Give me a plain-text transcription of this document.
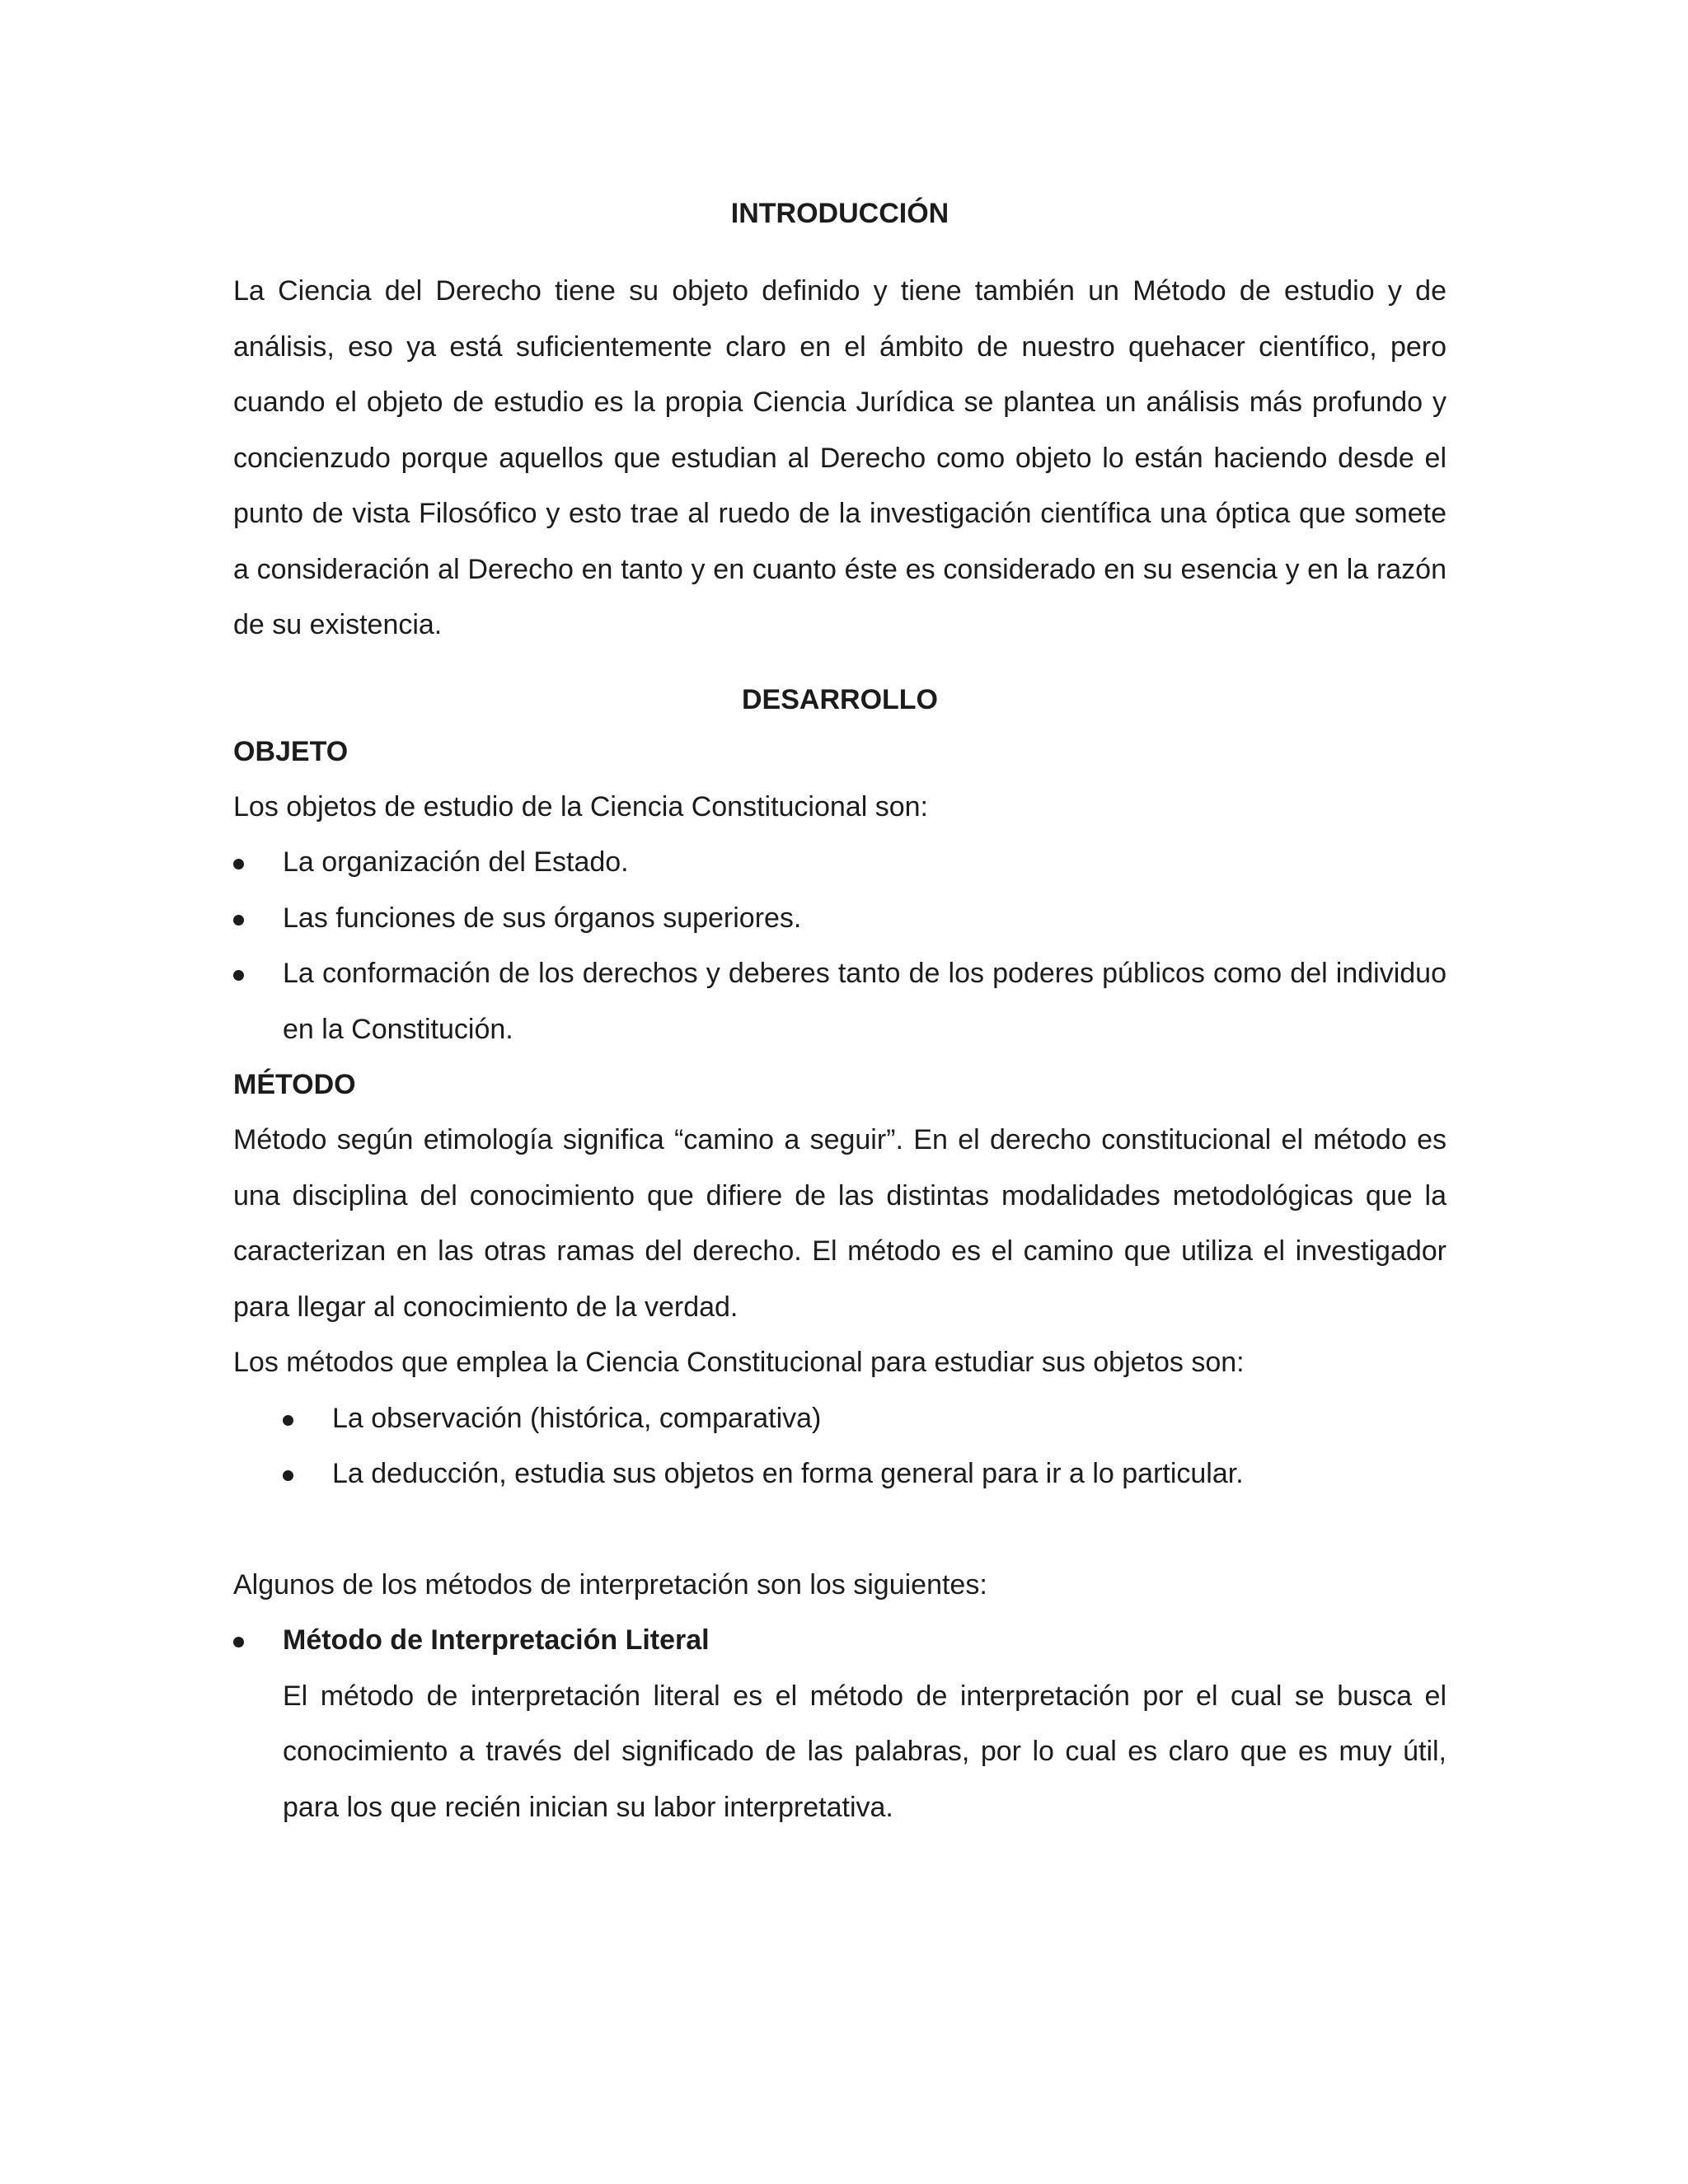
INTRODUCCIÓN

La Ciencia del Derecho tiene su objeto definido y tiene también un Método de estudio y de análisis, eso ya está suficientemente claro en el ámbito de nuestro quehacer científico, pero cuando el objeto de estudio es la propia Ciencia Jurídica se plantea un análisis más profundo y concienzudo porque aquellos que estudian al Derecho como objeto lo están haciendo desde el punto de vista Filosófico y esto trae al ruedo de la investigación científica una óptica que somete a consideración al Derecho en tanto y en cuanto éste es considerado en su esencia y en la razón de su existencia.

DESARROLLO
OBJETO

Los objetos de estudio de la Ciencia Constitucional son:

La organización del Estado.
Las funciones de sus órganos superiores.
La conformación de los derechos y deberes tanto de los poderes públicos como del individuo en la Constitución.
MÉTODO

Método según etimología significa “camino a seguir”. En el derecho constitucional el método es una disciplina del conocimiento que difiere de las distintas modalidades metodológicas que la caracterizan en las otras ramas del derecho. El método es el camino que utiliza el investigador para llegar al conocimiento de la verdad.

Los métodos que emplea la Ciencia Constitucional para estudiar sus objetos son:

La observación (histórica, comparativa)
La deducción, estudia sus objetos en forma general para ir a lo particular.

Algunos de los métodos de interpretación son los siguientes:

Método de Interpretación Literal
El método de interpretación literal es el método de interpretación por el cual se busca el conocimiento a través del significado de las palabras, por lo cual es claro que es muy útil, para los que recién inician su labor interpretativa.
